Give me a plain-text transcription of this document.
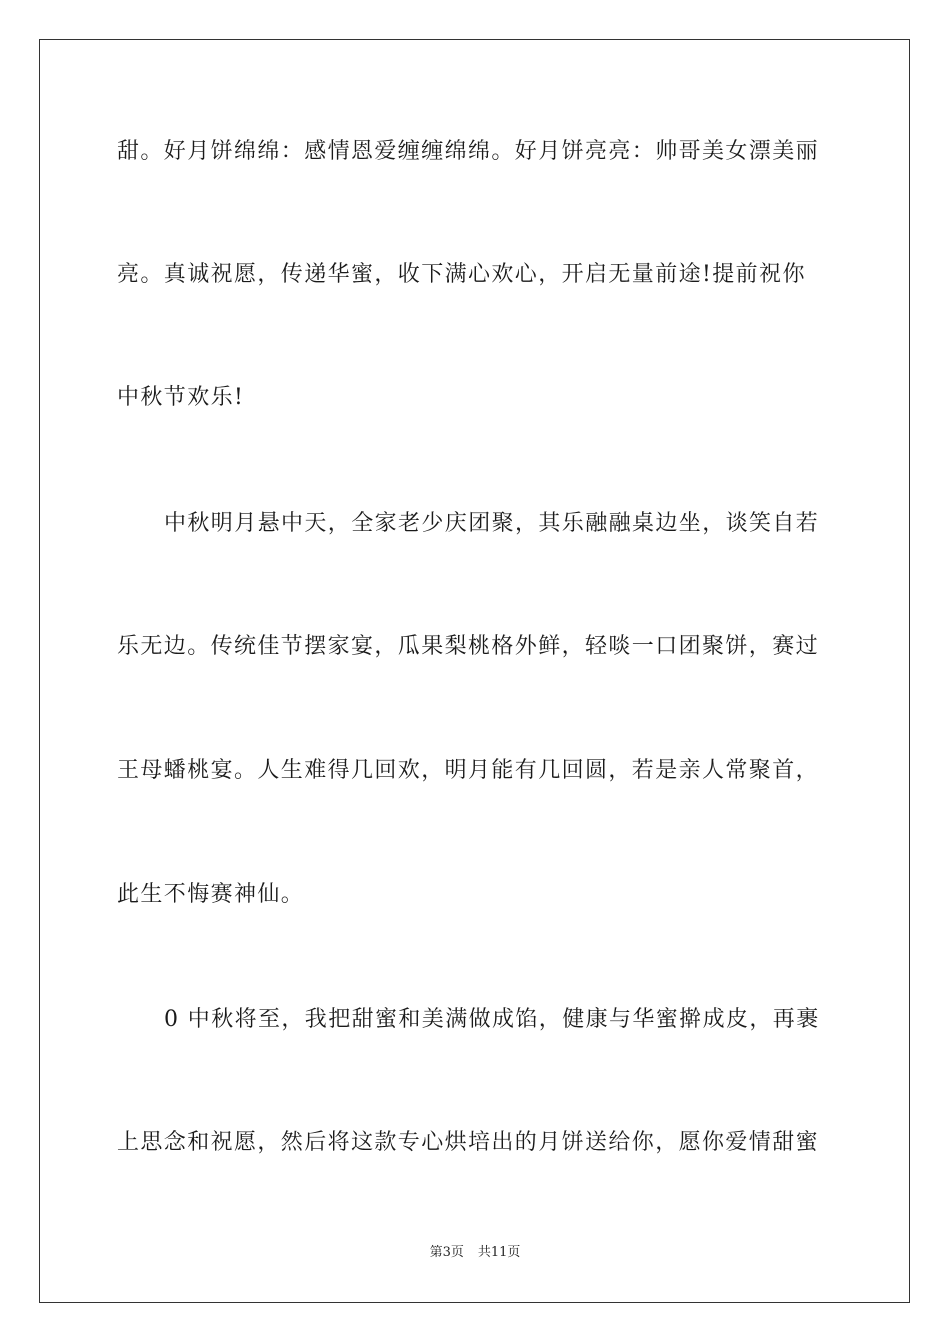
甜。好月饼绵绵：感情恩爱缠缠绵绵。好月饼亮亮：帅哥美女漂美丽
亮。真诚祝愿，传递华蜜，收下满心欢心，开启无量前途!提前祝你
中秋节欢乐!
中秋明月悬中天，全家老少庆团聚，其乐融融桌边坐，谈笑自若
乐无边。传统佳节摆家宴，瓜果梨桃格外鲜，轻啖一口团聚饼，赛过
王母蟠桃宴。人生难得几回欢，明月能有几回圆，若是亲人常聚首，
此生不悔赛神仙。
0 中秋将至，我把甜蜜和美满做成馅，健康与华蜜擀成皮，再裹
上思念和祝愿，然后将这款专心烘培出的月饼送给你，愿你爱情甜蜜
第3页 共11页
